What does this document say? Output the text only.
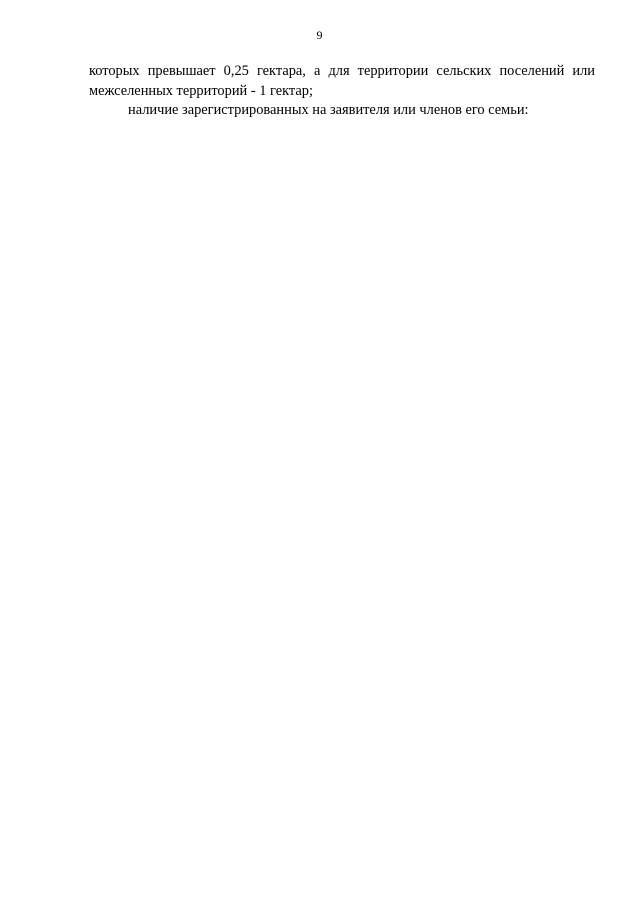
9

которых превышает 0,25 гектара, а для территории сельских поселений или межселенных территорий - 1 гектар;

наличие зарегистрированных на заявителя или членов его семьи:
